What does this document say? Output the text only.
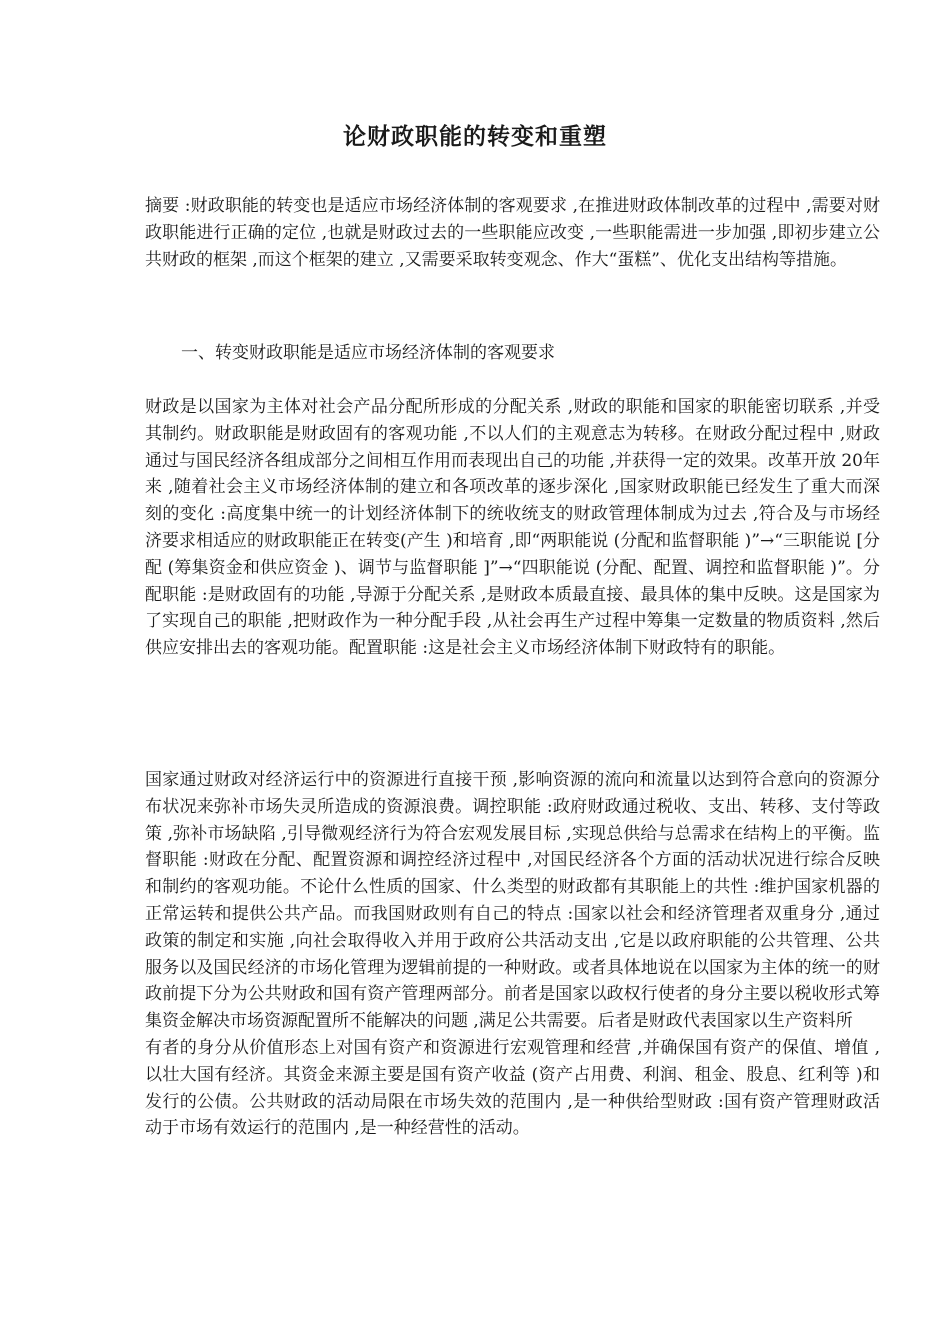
论财政职能的转变和重塑

摘要 :财政职能的转变也是适应市场经济体制的客观要求 ,在推进财政体制改革的过程中 ,需要对财政职能进行正确的定位 ,也就是财政过去的一些职能应改变 ,一些职能需进一步加强 ,即初步建立公共财政的框架 ,而这个框架的建立 ,又需要采取转变观念、作大“蛋糕”、优化支出结构等措施。

一、转变财政职能是适应市场经济体制的客观要求

财政是以国家为主体对社会产品分配所形成的分配关系 ,财政的职能和国家的职能密切联系 ,并受其制约。财政职能是财政固有的客观功能 ,不以人们的主观意志为转移。在财政分配过程中 ,财政通过与国民经济各组成部分之间相互作用而表现出自己的功能 ,并获得一定的效果。改革开放 20年来 ,随着社会主义市场经济体制的建立和各项改革的逐步深化 ,国家财政职能已经发生了重大而深刻的变化 :高度集中统一的计划经济体制下的统收统支的财政管理体制成为过去 ,符合及与市场经济要求相适应的财政职能正在转变(产生 )和培育 ,即“两职能说 (分配和监督职能 )”→“三职能说 [分配 (筹集资金和供应资金 )、调节与监督职能 ]”→“四职能说 (分配、配置、调控和监督职能 )”。分配职能 :是财政固有的功能 ,导源于分配关系 ,是财政本质最直接、最具体的集中反映。这是国家为了实现自己的职能 ,把财政作为一种分配手段 ,从社会再生产过程中筹集一定数量的物质资料 ,然后供应安排出去的客观功能。配置职能 :这是社会主义市场经济体制下财政特有的职能。

国家通过财政对经济运行中的资源进行直接干预 ,影响资源的流向和流量以达到符合意向的资源分布状况来弥补市场失灵所造成的资源浪费。调控职能 :政府财政通过税收、支出、转移、支付等政策 ,弥补市场缺陷 ,引导微观经济行为符合宏观发展目标 ,实现总供给与总需求在结构上的平衡。监督职能 :财政在分配、配置资源和调控经济过程中 ,对国民经济各个方面的活动状况进行综合反映和制约的客观功能。不论什么性质的国家、什么类型的财政都有其职能上的共性 :维护国家机器的正常运转和提供公共产品。而我国财政则有自己的特点 :国家以社会和经济管理者双重身分 ,通过政策的制定和实施 ,向社会取得收入并用于政府公共活动支出 ,它是以政府职能的公共管理、公共服务以及国民经济的市场化管理为逻辑前提的一种财政。或者具体地说在以国家为主体的统一的财政前提下分为公共财政和国有资产管理两部分。前者是国家以政权行使者的身分主要以税收形式筹集资金解决市场资源配置所不能解决的问题 ,满足公共需要。后者是财政代表国家以生产资料所
有者的身分从价值形态上对国有资产和资源进行宏观管理和经营 ,并确保国有资产的保值、增值 ,以壮大国有经济。其资金来源主要是国有资产收益 (资产占用费、利润、租金、股息、红利等 )和发行的公债。公共财政的活动局限在市场失效的范围内 ,是一种供给型财政 :国有资产管理财政活动于市场有效运行的范围内 ,是一种经营性的活动。
